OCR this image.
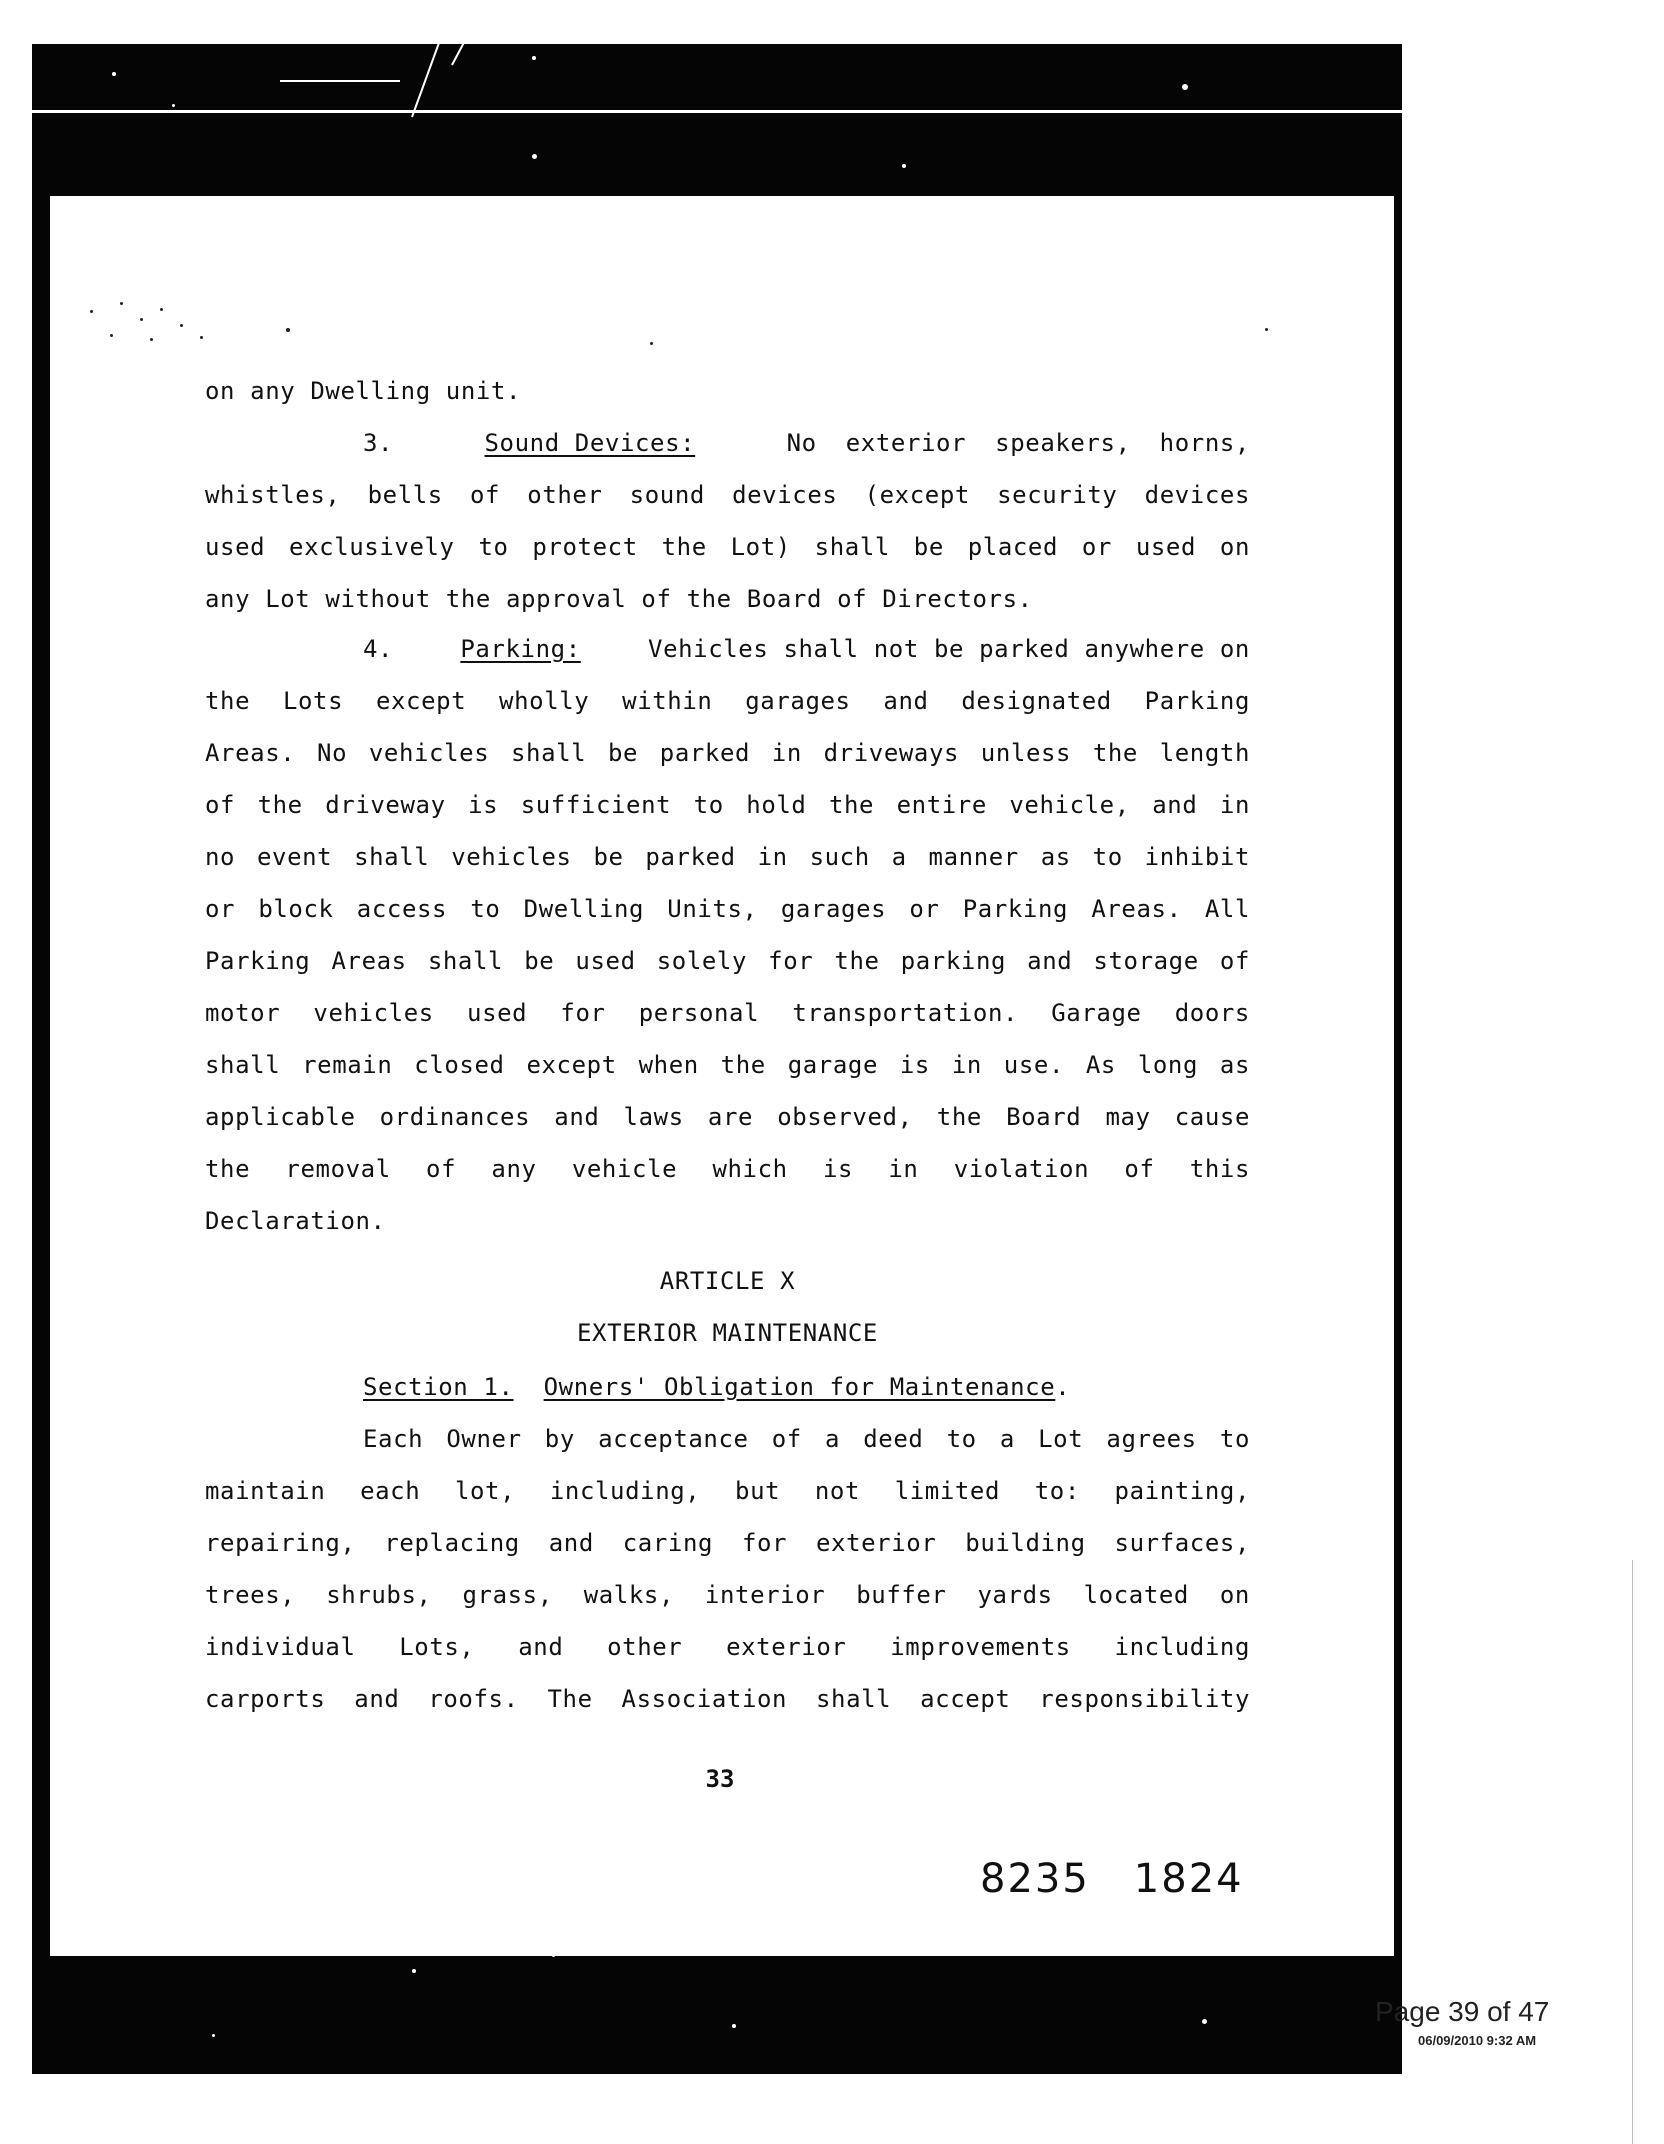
on any Dwelling unit.
3.	Sound Devices:	No exterior speakers, horns,
whistles, bells of other sound devices (except security devices
used exclusively to protect the Lot) shall be placed or used on
any Lot without the approval of the Board of Directors.
4.	Parking:	Vehicles shall not be parked anywhere on
the Lots except wholly within garages and designated Parking
Areas. No vehicles shall be parked in driveways unless the length
of the driveway is sufficient to hold the entire vehicle, and in
no event shall vehicles be parked in such a manner as to inhibit
or block access to Dwelling Units, garages or Parking Areas. All
Parking Areas shall be used solely for the parking and storage of
motor vehicles used for personal transportation. Garage doors
shall remain closed except when the garage is in use. As long as
applicable ordinances and laws are observed, the Board may cause
the removal of any vehicle which is in violation of this
Declaration.
ARTICLE X
EXTERIOR MAINTENANCE
Section 1. Owners' Obligation for Maintenance.
Each Owner by acceptance of a deed to a Lot agrees to
maintain each lot, including, but not limited to: painting,
repairing, replacing and caring for exterior building surfaces,
trees, shrubs, grass, walks, interior buffer yards located on
individual Lots, and other exterior improvements including
carports and roofs. The Association shall accept responsibility
33
8235 1824
Page 39 of 47
06/09/2010 9:32 AM
